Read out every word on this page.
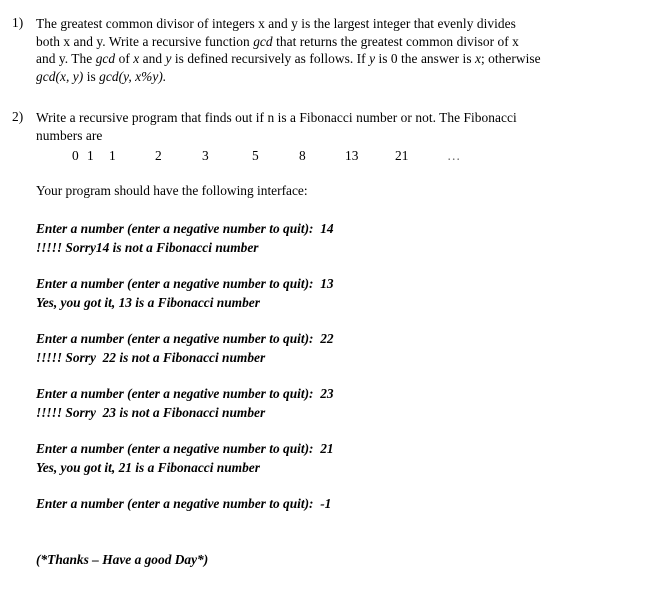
1) The greatest common divisor of integers x and y is the largest integer that evenly divides
both x and y. Write a recursive function gcd that returns the greatest common divisor of x
and y. The gcd of x and y is defined recursively as follows. If y is 0 the answer is x; otherwise
gcd(x, y) is gcd(y, x%y).
2) Write a recursive program that finds out if n is a Fibonacci number or not. The Fibonacci
numbers are
0 1 1	2	3	5	8	13	21	…
Your program should have the following interface:
Enter a number (enter a negative number to quit):  14
!!!!! Sorry14 is not a Fibonacci number
Enter a number (enter a negative number to quit):  13
Yes, you got it, 13 is a Fibonacci number
Enter a number (enter a negative number to quit):  22
!!!!! Sorry  22 is not a Fibonacci number
Enter a number (enter a negative number to quit):  23
!!!!! Sorry  23 is not a Fibonacci number
Enter a number (enter a negative number to quit):  21
Yes, you got it, 21 is a Fibonacci number
Enter a number (enter a negative number to quit):  -1
(*Thanks – Have a good Day*)
